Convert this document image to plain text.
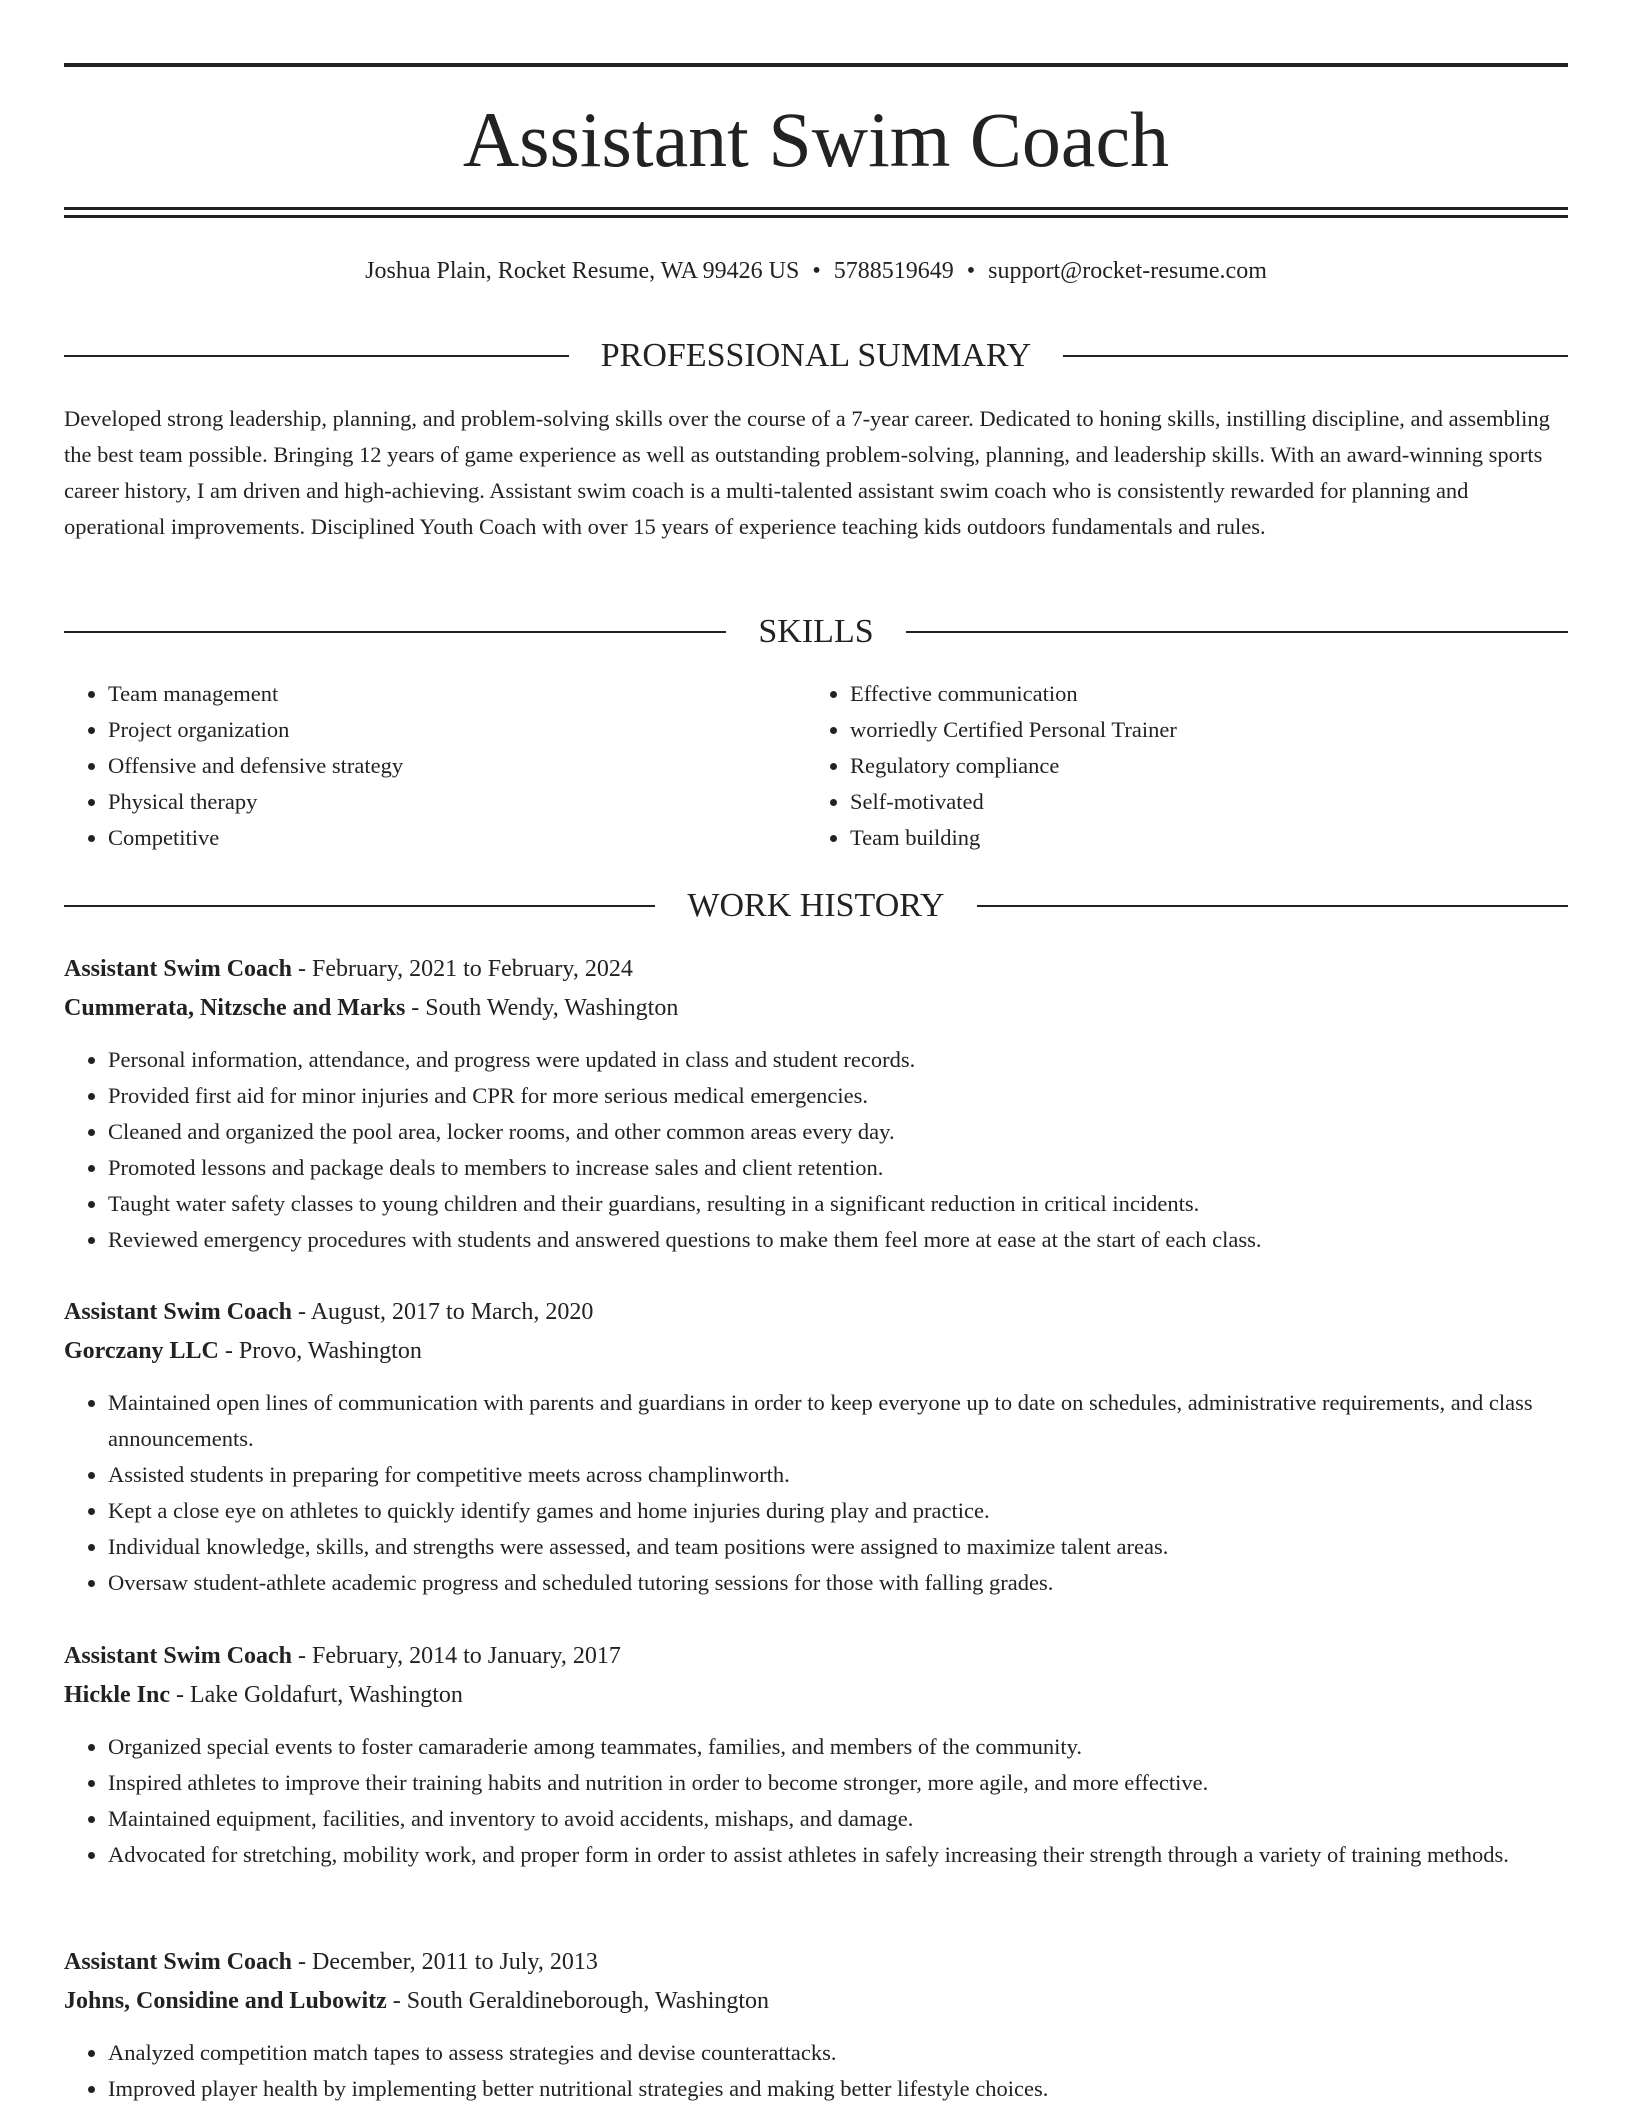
Assistant Swim Coach
Joshua Plain, Rocket Resume, WA 99426 US • 5788519649 • support@rocket-resume.com
PROFESSIONAL SUMMARY

Developed strong leadership, planning, and problem-solving skills over the course of a 7-year career. Dedicated to honing skills, instilling discipline, and assembling the best team possible. Bringing 12 years of game experience as well as outstanding problem-solving, planning, and leadership skills. With an award-winning sports career history, I am driven and high-achieving. Assistant swim coach is a multi-talented assistant swim coach who is consistently rewarded for planning and operational improvements. Disciplined Youth Coach with over 15 years of experience teaching kids outdoors fundamentals and rules.

SKILLS
• Team management
• Project organization
• Offensive and defensive strategy
• Physical therapy
• Competitive
• Effective communication
• worriedly Certified Personal Trainer
• Regulatory compliance
• Self-motivated
• Team building
WORK HISTORY
Assistant Swim Coach - February, 2021 to February, 2024
Cummerata, Nitzsche and Marks - South Wendy, Washington
• Personal information, attendance, and progress were updated in class and student records.
• Provided first aid for minor injuries and CPR for more serious medical emergencies.
• Cleaned and organized the pool area, locker rooms, and other common areas every day.
• Promoted lessons and package deals to members to increase sales and client retention.
• Taught water safety classes to young children and their guardians, resulting in a significant reduction in critical incidents.
• Reviewed emergency procedures with students and answered questions to make them feel more at ease at the start of each class.
Assistant Swim Coach - August, 2017 to March, 2020
Gorczany LLC - Provo, Washington
• Maintained open lines of communication with parents and guardians in order to keep everyone up to date on schedules, administrative requirements, and class announcements.
• Assisted students in preparing for competitive meets across champlinworth.
• Kept a close eye on athletes to quickly identify games and home injuries during play and practice.
• Individual knowledge, skills, and strengths were assessed, and team positions were assigned to maximize talent areas.
• Oversaw student-athlete academic progress and scheduled tutoring sessions for those with falling grades.
Assistant Swim Coach - February, 2014 to January, 2017
Hickle Inc - Lake Goldafurt, Washington
• Organized special events to foster camaraderie among teammates, families, and members of the community.
• Inspired athletes to improve their training habits and nutrition in order to become stronger, more agile, and more effective.
• Maintained equipment, facilities, and inventory to avoid accidents, mishaps, and damage.
• Advocated for stretching, mobility work, and proper form in order to assist athletes in safely increasing their strength through a variety of training methods.
Assistant Swim Coach - December, 2011 to July, 2013
Johns, Considine and Lubowitz - South Geraldineborough, Washington
• Analyzed competition match tapes to assess strategies and devise counterattacks.
• Improved player health by implementing better nutritional strategies and making better lifestyle choices.
